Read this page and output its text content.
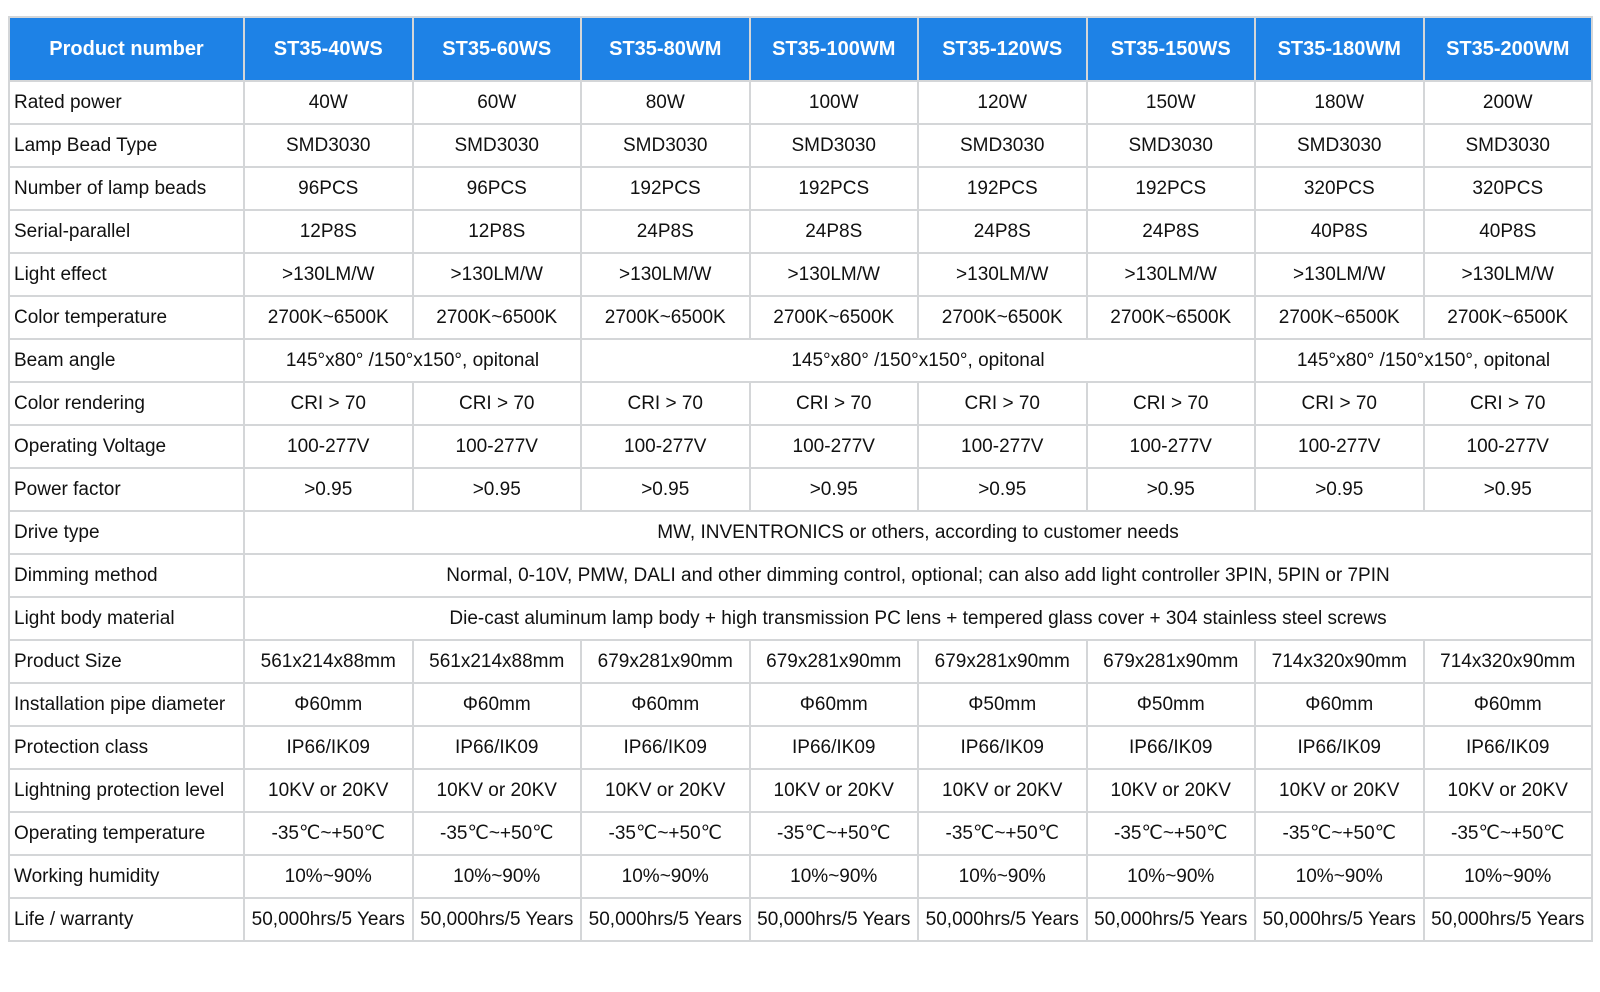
Product number	ST35-40WS	ST35-60WS	ST35-80WM	ST35-100WM	ST35-120WS	ST35-150WS	ST35-180WM	ST35-200WM
Rated power	40W	60W	80W	100W	120W	150W	180W	200W
Lamp Bead Type	SMD3030	SMD3030	SMD3030	SMD3030	SMD3030	SMD3030	SMD3030	SMD3030
Number of lamp beads	96PCS	96PCS	192PCS	192PCS	192PCS	192PCS	320PCS	320PCS
Serial-parallel	12P8S	12P8S	24P8S	24P8S	24P8S	24P8S	40P8S	40P8S
Light effect	>130LM/W	>130LM/W	>130LM/W	>130LM/W	>130LM/W	>130LM/W	>130LM/W	>130LM/W
Color temperature	2700K~6500K	2700K~6500K	2700K~6500K	2700K~6500K	2700K~6500K	2700K~6500K	2700K~6500K	2700K~6500K
Beam angle	145°x80° /150°x150°, opitonal		145°x80° /150°x150°, opitonal				145°x80° /150°x150°, opitonal	
Color rendering	CRI > 70	CRI > 70	CRI > 70	CRI > 70	CRI > 70	CRI > 70	CRI > 70	CRI > 70
Operating Voltage	100-277V	100-277V	100-277V	100-277V	100-277V	100-277V	100-277V	100-277V
Power factor	>0.95	>0.95	>0.95	>0.95	>0.95	>0.95	>0.95	>0.95
Drive type	MW, INVENTRONICS or others, according to customer needs							
Dimming method	Normal, 0-10V, PMW, DALI and other dimming control, optional; can also add light controller 3PIN, 5PIN or 7PIN							
Light body material	Die-cast aluminum lamp body + high transmission PC lens + tempered glass cover + 304 stainless steel screws							
Product Size	561x214x88mm	561x214x88mm	679x281x90mm	679x281x90mm	679x281x90mm	679x281x90mm	714x320x90mm	714x320x90mm
Installation pipe diameter	Φ60mm	Φ60mm	Φ60mm	Φ60mm	Φ50mm	Φ50mm	Φ60mm	Φ60mm
Protection class	IP66/IK09	IP66/IK09	IP66/IK09	IP66/IK09	IP66/IK09	IP66/IK09	IP66/IK09	IP66/IK09
Lightning protection level	10KV or 20KV	10KV or 20KV	10KV or 20KV	10KV or 20KV	10KV or 20KV	10KV or 20KV	10KV or 20KV	10KV or 20KV
Operating temperature	-35℃~+50℃	-35℃~+50℃	-35℃~+50℃	-35℃~+50℃	-35℃~+50℃	-35℃~+50℃	-35℃~+50℃	-35℃~+50℃
Working humidity	10%~90%	10%~90%	10%~90%	10%~90%	10%~90%	10%~90%	10%~90%	10%~90%
Life / warranty	50,000hrs/5 Years	50,000hrs/5 Years	50,000hrs/5 Years	50,000hrs/5 Years	50,000hrs/5 Years	50,000hrs/5 Years	50,000hrs/5 Years	50,000hrs/5 Years
